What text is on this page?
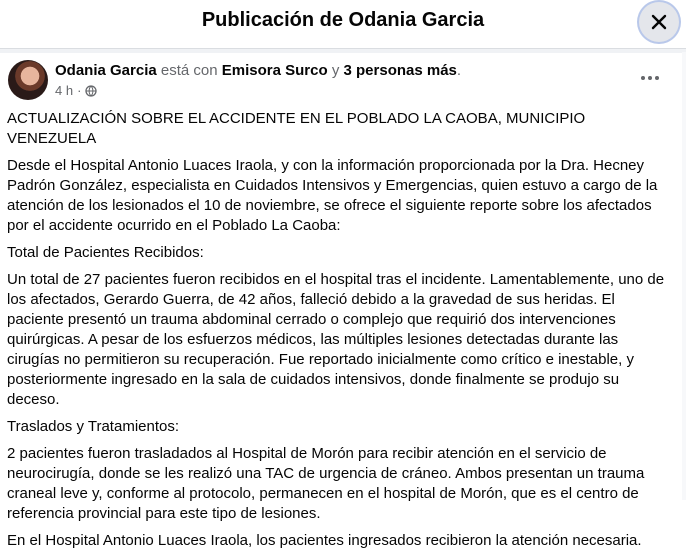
Publicación de Odania Garcia
Odania Garcia está con Emisora Surco y 3 personas más.
4 h ·

ACTUALIZACIÓN SOBRE EL ACCIDENTE EN EL POBLADO LA CAOBA, MUNICIPIO VENEZUELA

Desde el Hospital Antonio Luaces Iraola, y con la información proporcionada por la Dra. Hecney Padrón González, especialista en Cuidados Intensivos y Emergencias, quien estuvo a cargo de la atención de los lesionados el 10 de noviembre, se ofrece el siguiente reporte sobre los afectados por el accidente ocurrido en el Poblado La Caoba:

Total de Pacientes Recibidos:

Un total de 27 pacientes fueron recibidos en el hospital tras el incidente. Lamentablemente, uno de los afectados, Gerardo Guerra, de 42 años, falleció debido a la gravedad de sus heridas. El paciente presentó un trauma abdominal cerrado o complejo que requirió dos intervenciones quirúrgicas. A pesar de los esfuerzos médicos, las múltiples lesiones detectadas durante las cirugías no permitieron su recuperación. Fue reportado inicialmente como crítico e inestable, y posteriormente ingresado en la sala de cuidados intensivos, donde finalmente se produjo su deceso.

Traslados y Tratamientos:

2 pacientes fueron trasladados al Hospital de Morón para recibir atención en el servicio de neurocirugía, donde se les realizó una TAC de urgencia de cráneo. Ambos presentan un trauma craneal leve y, conforme al protocolo, permanecen en el hospital de Morón, que es el centro de referencia provincial para este tipo de lesiones.

En el Hospital Antonio Luaces Iraola, los pacientes ingresados recibieron la atención necesaria.
